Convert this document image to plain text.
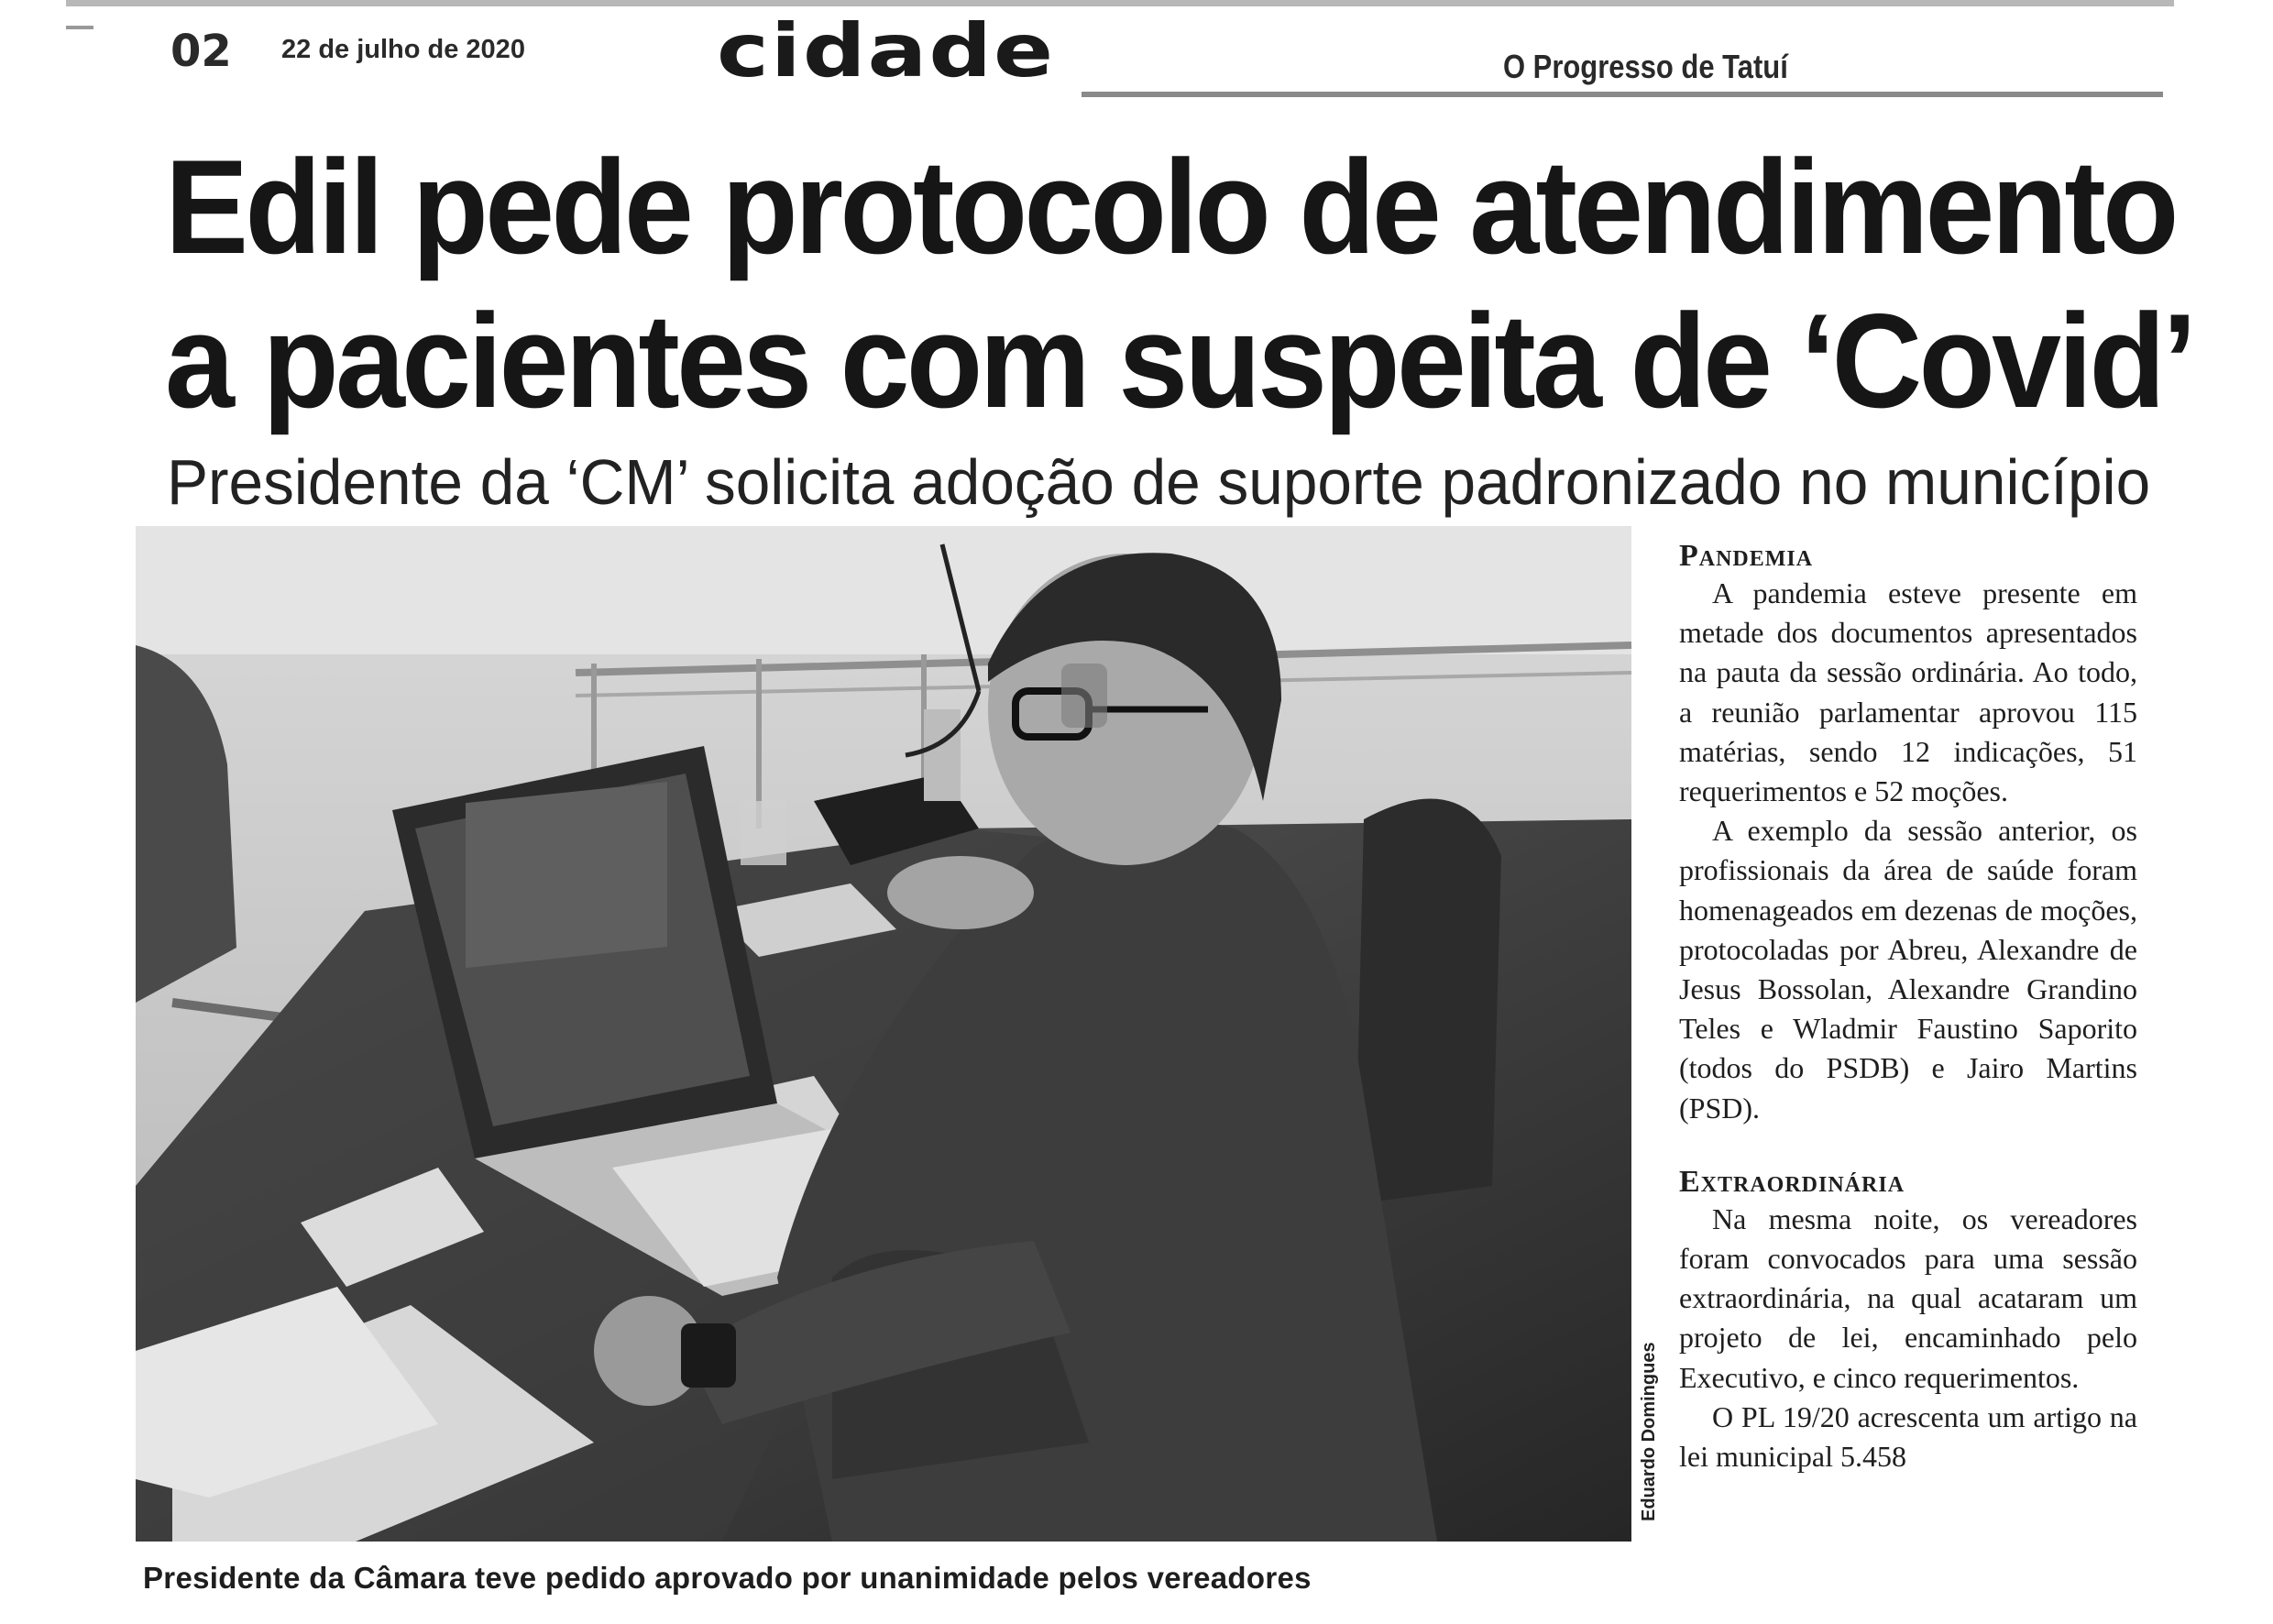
02 22 de julho de 2020 cidade	O Progresso de Tatuí
Edil pede protocolo de atendimento
a pacientes com suspeita de ‘Covid’
Presidente da ‘CM’ solicita adoção de suporte padronizado no município
Eduardo Domingues
Presidente da Câmara teve pedido aprovado por unanimidade pelos vereadores
Pandemia

A pandemia esteve presente em metade dos documentos apresentados na pauta da sessão ordinária. Ao todo, a reunião parlamentar aprovou 115 matérias, sendo 12 indicações, 51 requerimentos e 52 moções.

A exemplo da sessão anterior, os profissionais da área de saúde foram homenageados em dezenas de moções, protocoladas por Abreu, Alexandre de Jesus Bossolan, Alexandre Grandino Teles e Wladmir Faustino Saporito (todos do PSDB) e Jairo Martins (PSD).

Extraordinária

Na mesma noite, os vereadores foram convocados para uma sessão extraordinária, na qual acataram um projeto de lei, encaminhado pelo Executivo, e cinco requerimentos.

O PL 19/20 acrescenta um artigo na lei municipal 5.458
